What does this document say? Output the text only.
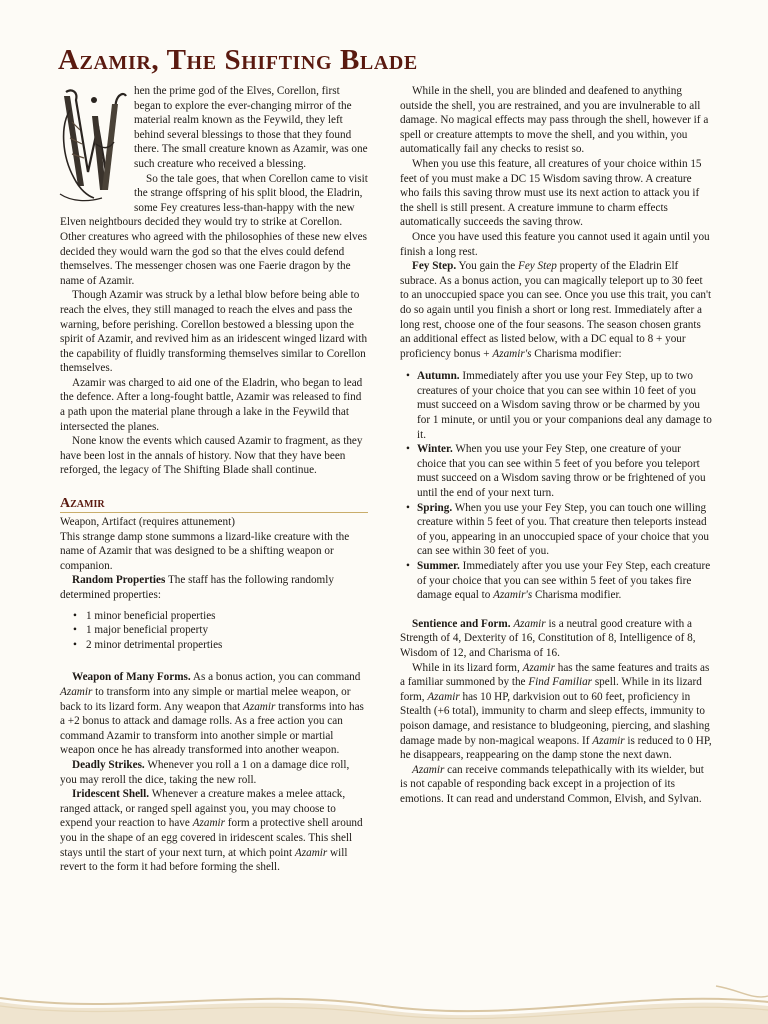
Azamir, The Shifting Blade

hen the prime god of the Elves, Corellon, first began to explore the ever-changing mirror of the material realm known as the Feywild, they left behind several blessings to those that they found there. The small creature known as Azamir, was one such creature who received a blessing.

So the tale goes, that when Corellon came to visit the strange offspring of his split blood, the Eladrin, some Fey creatures less-than-happy with the new Elven neightbours decided they would try to strike at Corellon. Other creatures who agreed with the philosophies of these new elves decided they would warn the god so that the elves could defend themselves. The messenger chosen was one Faerie dragon by the name of Azamir.

Though Azamir was struck by a lethal blow before being able to reach the elves, they still managed to reach the elves and pass the warning, before perishing. Corellon bestowed a blessing upon the spirit of Azamir, and revived him as an iridescent winged lizard with the capability of fluidly transforming themselves similar to Corellon themselves.

Azamir was charged to aid one of the Eladrin, who began to lead the defence. After a long-fought battle, Azamir was released to find a path upon the material plane through a lake in the Feywild that intersected the planes.

None know the events which caused Azamir to fragment, as they have been lost in the annals of history. Now that they have been reforged, the legacy of The Shifting Blade shall continue.

Azamir

Weapon, Artifact (requires attunement)

This strange damp stone summons a lizard-like creature with the name of Azamir that was designed to be a shifting weapon or companion.

Random Properties The staff has the following randomly determined properties:

• 1 minor beneficial properties
• 1 major beneficial property
• 2 minor detrimental properties

Weapon of Many Forms. As a bonus action, you can command Azamir to transform into any simple or martial melee weapon, or back to its lizard form. Any weapon that Azamir transforms into has a +2 bonus to attack and damage rolls. As a free action you can command Azamir to transform into another simple or martial weapon once he has already transformed into another weapon.

Deadly Strikes. Whenever you roll a 1 on a damage dice roll, you may reroll the dice, taking the new roll.

Iridescent Shell. Whenever a creature makes a melee attack, ranged attack, or ranged spell against you, you may choose to expend your reaction to have Azamir form a protective shell around you in the shape of an egg covered in iridescent scales. This shell stays until the start of your next turn, at which point Azamir will revert to the form it had before forming the shell.

While in the shell, you are blinded and deafened to anything outside the shell, you are restrained, and you are invulnerable to all damage. No magical effects may pass through the shell, however if a spell or creature attempts to move the shell, and you within, you automatically fail any checks to resist so.

When you use this feature, all creatures of your choice within 15 feet of you must make a DC 15 Wisdom saving throw. A creature who fails this saving throw must use its next action to attack you if the shell is still present. A creature immune to charm effects automatically succeeds the saving throw.

Once you have used this feature you cannot used it again until you finish a long rest.

Fey Step. You gain the Fey Step property of the Eladrin Elf subrace. As a bonus action, you can magically teleport up to 30 feet to an unoccupied space you can see. Once you use this trait, you can't do so again until you finish a short or long rest. Immediately after a long rest, choose one of the four seasons. The season chosen grants an additional effect as listed below, with a DC equal to 8 + your proficiency bonus + Azamir's Charisma modifier:

• Autumn. Immediately after you use your Fey Step, up to two creatures of your choice that you can see within 10 feet of you must succeed on a Wisdom saving throw or be charmed by you for 1 minute, or until you or your companions deal any damage to it.
• Winter. When you use your Fey Step, one creature of your choice that you can see within 5 feet of you before you teleport must succeed on a Wisdom saving throw or be frightened of you until the end of your next turn.
• Spring. When you use your Fey Step, you can touch one willing creature within 5 feet of you. That creature then teleports instead of you, appearing in an unoccupied space of your choice that you can see within 30 feet of you.
• Summer. Immediately after you use your Fey Step, each creature of your choice that you can see within 5 feet of you takes fire damage equal to Azamir's Charisma modifier.

Sentience and Form. Azamir is a neutral good creature with a Strength of 4, Dexterity of 16, Constitution of 8, Intelligence of 8, Wisdom of 12, and Charisma of 16.

While in its lizard form, Azamir has the same features and traits as a familiar summoned by the Find Familiar spell. While in its lizard form, Azamir has 10 HP, darkvision out to 60 feet, proficiency in Stealth (+6 total), immunity to charm and sleep effects, immunity to poison damage, and resistance to bludgeoning, piercing, and slashing damage made by non-magical weapons. If Azamir is reduced to 0 HP, he disappears, reappearing on the damp stone the next dawn.

Azamir can receive commands telepathically with its wielder, but is not capable of responding back except in a projection of its emotions. It can read and understand Common, Elvish, and Sylvan.
